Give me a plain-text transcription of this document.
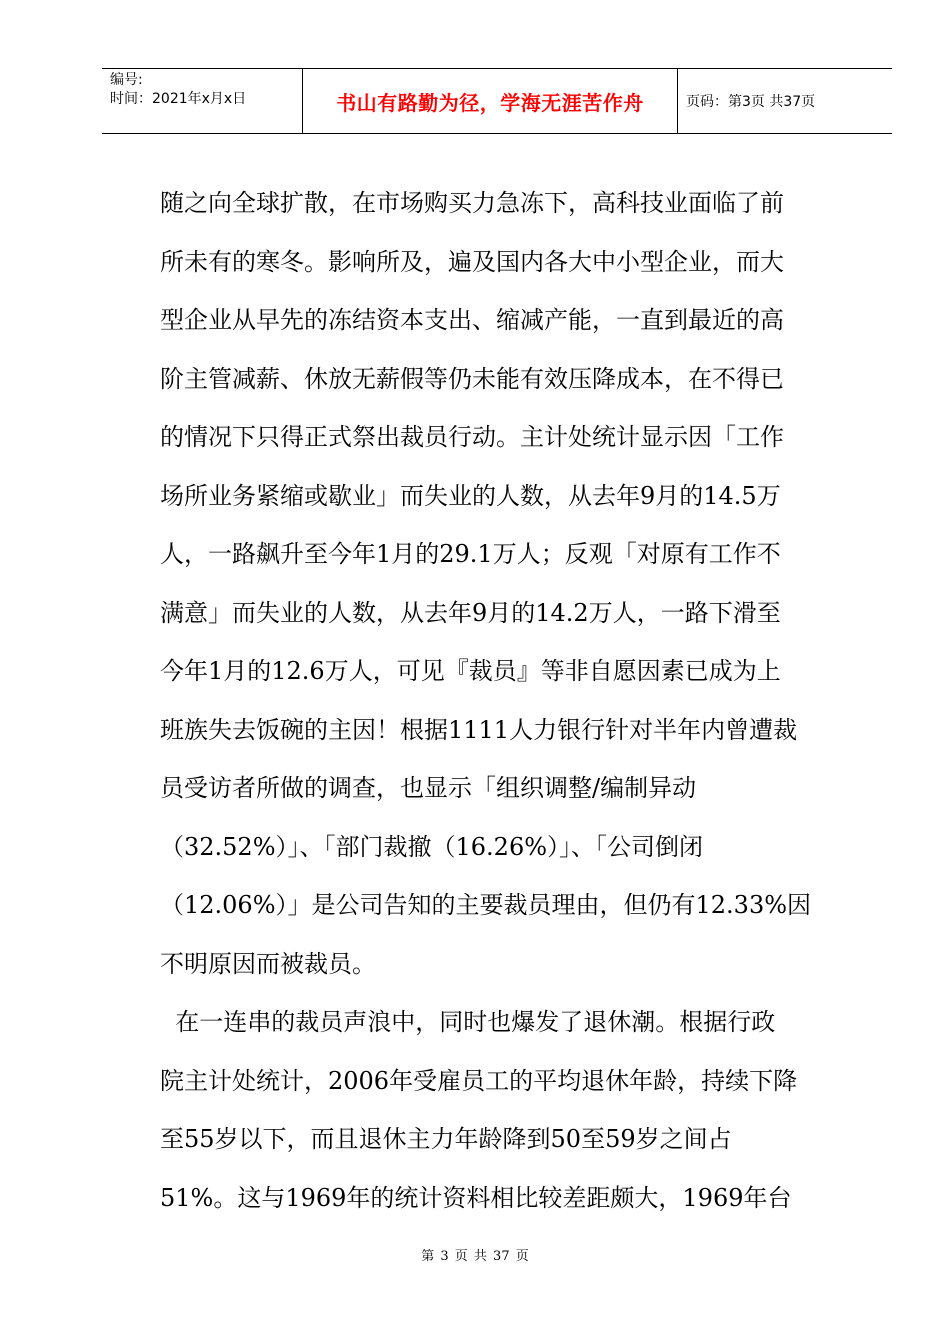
编号:
时间：2021年x月x日	书山有路勤为径，学海无涯苦作舟	页码：第3页 共37页
随之向全球扩散，在市场购买力急冻下，高科技业面临了前
所未有的寒冬。影响所及，遍及国内各大中小型企业，而大
型企业从早先的冻结资本支出、缩减产能，一直到最近的高
阶主管减薪、休放无薪假等仍未能有效压降成本，在不得已
的情况下只得正式祭出裁员行动。主计处统计显示因「工作
场所业务紧缩或歇业」而失业的人数，从去年9月的14.5万
人，一路飙升至今年1月的29.1万人；反观「对原有工作不
满意」而失业的人数，从去年9月的14.2万人，一路下滑至
今年1月的12.6万人，可见『裁员』等非自愿因素已成为上
班族失去饭碗的主因！根据1111人力银行针对半年内曾遭裁
员受访者所做的调查，也显示「组织调整/编制异动
（32.52%）」、「部门裁撤（16.26%）」、「公司倒闭
（12.06%）」是公司告知的主要裁员理由，但仍有12.33%因
不明原因而被裁员。
在一连串的裁员声浪中，同时也爆发了退休潮。根据行政
院主计处统计，2006年受雇员工的平均退休年龄，持续下降
至55岁以下，而且退休主力年龄降到50至59岁之间占
51%。这与1969年的统计资料相比较差距颇大，1969年台
第 3 页 共 37 页
